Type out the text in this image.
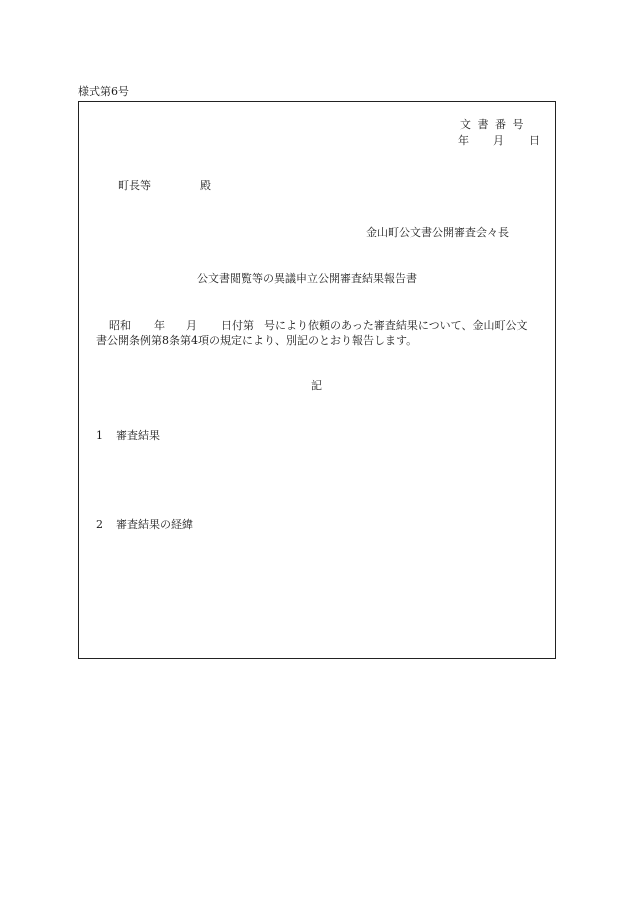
様式第6号
文書番号
年 月 日
町長等	殿
金山町公文書公開審査会々長
公文書閲覧等の異議申立公開審査結果報告書
昭和 年 月 日付第 号により依頼のあった審査結果について、金山町公文
書公開条例第8条第4項の規定により、別記のとおり報告します。
記
1 審査結果
2 審査結果の経緯
